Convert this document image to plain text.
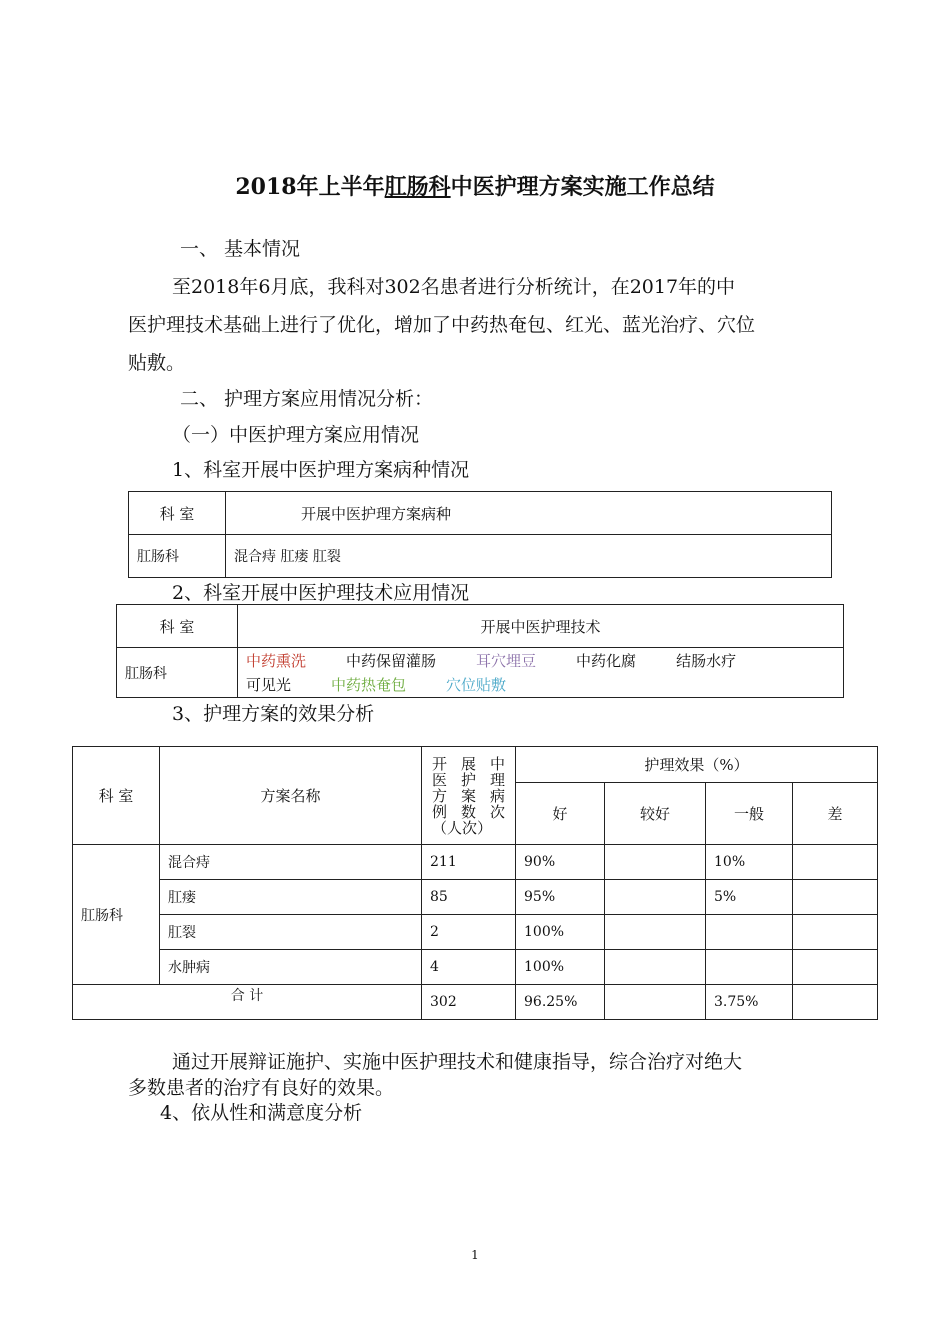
2018年上半年肛肠科中医护理方案实施工作总结
一、 基本情况
至2018年6月底，我科对302名患者进行分析统计，在2017年的中
医护理技术基础上进行了优化，增加了中药热奄包、红光、蓝光治疗、穴位
贴敷。
二、 护理方案应用情况分析：
（一）中医护理方案应用情况
1、科室开展中医护理方案病种情况
科 室	开展中医护理方案病种
肛肠科	混合痔 肛瘘 肛裂
2、科室开展中医护理技术应用情况
科 室	开展中医护理技术
肛肠科	中药熏洗 中药保留灌肠 耳穴埋豆 中药化腐 结肠水疗
可见光 中药热奄包 穴位贴敷
3、护理方案的效果分析
科 室	方案名称	开 展 中 医 护 理 方 案 病 例 数 次 （人次）	护理效果（%）			
			好	较好	一般	差
肛肠科	混合痔	211	90%		10%	
	肛瘘	85	95%		5%	
	肛裂	2	100%			
	水肿病	4	100%			
合 计		302	96.25%		3.75%	
通过开展辩证施护、实施中医护理技术和健康指导，综合治疗对绝大
多数患者的治疗有良好的效果。
4、依从性和满意度分析
1
